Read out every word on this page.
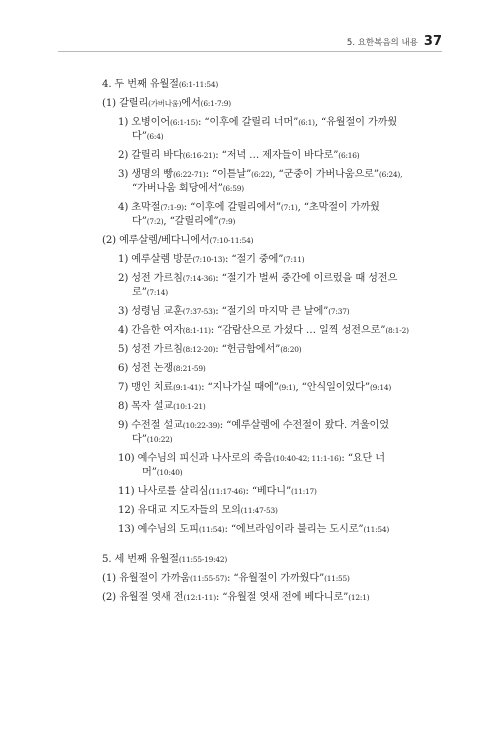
5. 요한복음의 내용 37
4. 두 번째 유월절(6:1-11:54)
(1) 갈릴리(가버나움)에서(6:1-7:9)
1) 오병이어(6:1-15): “이후에 갈릴리 너머”(6:1), “유월절이 가까웠
다”(6:4)
2) 갈릴리 바다(6:16-21): “저녁 … 제자들이 바다로”(6:16)
3) 생명의 빵(6:22-71): “이튿날”(6:22), “군중이 가버나움으로”(6:24),
“가버나움 회당에서”(6:59)
4) 초막절(7:1-9): “이후에 갈릴리에서”(7:1), “초막절이 가까웠
다”(7:2), “갈릴리에”(7:9)
(2) 예루살렘/베다니에서(7:10-11:54)
1) 예루살렘 방문(7:10-13): “절기 중에”(7:11)
2) 성전 가르침(7:14-36): “절기가 벌써 중간에 이르렀을 때 성전으
로”(7:14)
3) 성령님 교훈(7:37-53): “절기의 마지막 큰 날에”(7:37)
4) 간음한 여자(8:1-11): “감람산으로 가셨다 … 일찍 성전으로”(8:1-2)
5) 성전 가르침(8:12-20): “헌금함에서”(8:20)
6) 성전 논쟁(8:21-59)
7) 맹인 치료(9:1-41): “지나가실 때에”(9:1), “안식일이었다”(9:14)
8) 목자 설교(10:1-21)
9) 수전절 설교(10:22-39): “예루살렘에 수전절이 왔다. 겨울이었
다”(10:22)
10) 예수님의 피신과 나사로의 죽음(10:40-42; 11:1-16): “요단 너
머”(10:40)
11) 나사로를 살리심(11:17-46): “베다니”(11:17)
12) 유대교 지도자들의 모의(11:47-53)
13) 예수님의 도피(11:54): “에브라임이라 불리는 도시로”(11:54)
5. 세 번째 유월절(11:55-19:42)
(1) 유월절이 가까움(11:55-57): “유월절이 가까웠다”(11:55)
(2) 유월절 엿새 전(12:1-11): “유월절 엿새 전에 베다니로”(12:1)
